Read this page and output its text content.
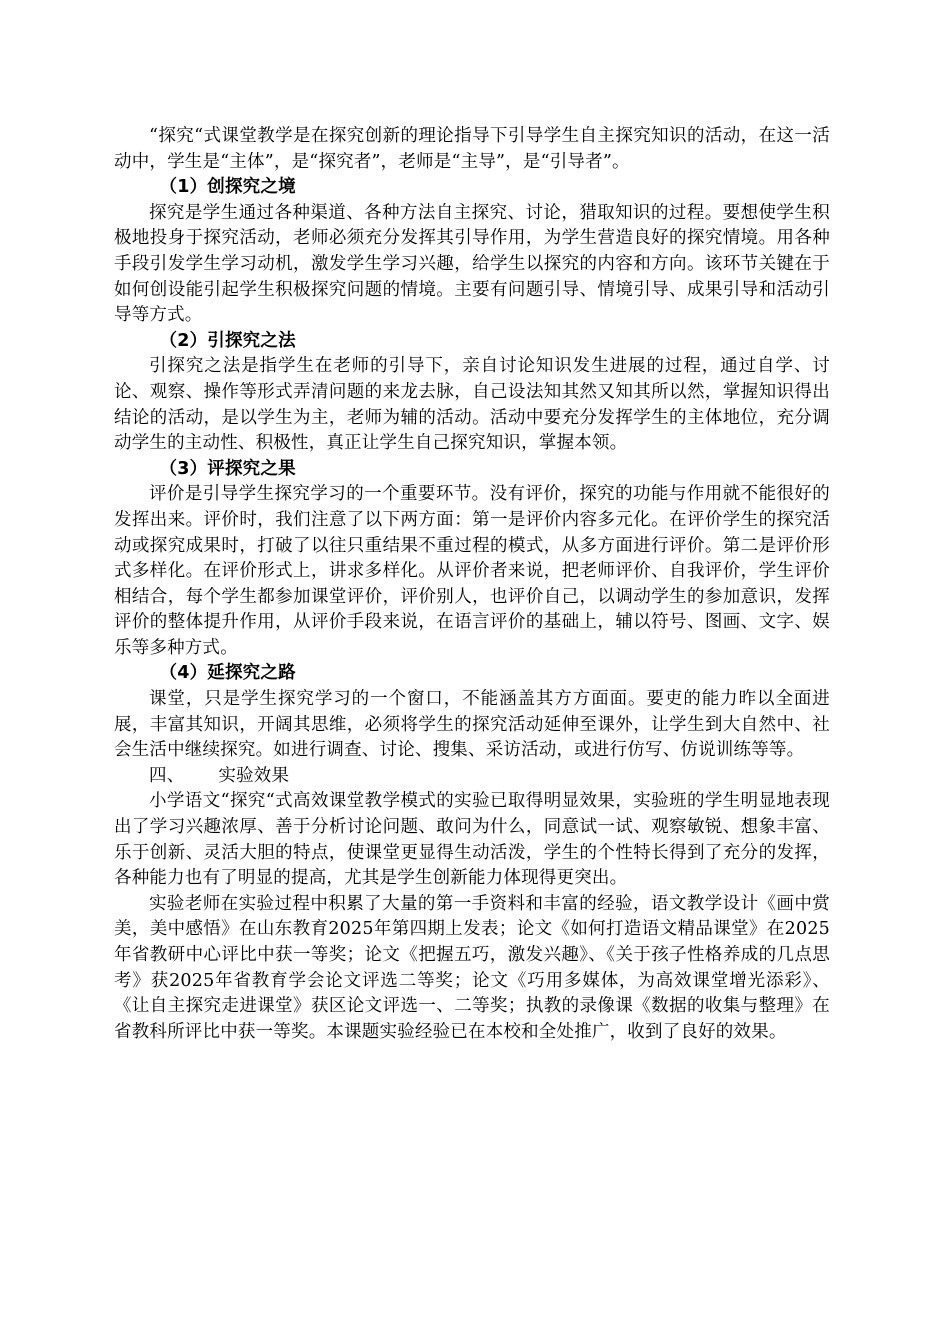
“探究“式课堂教学是在探究创新的理论指导下引导学生自主探究知识的活动，在这一活动中，学生是“主体”，是“探究者”，老师是“主导”，是“引导者”。

（1）创探究之境

探究是学生通过各种渠道、各种方法自主探究、讨论，猎取知识的过程。要想使学生积极地投身于探究活动，老师必须充分发挥其引导作用，为学生营造良好的探究情境。用各种手段引发学生学习动机，激发学生学习兴趣，给学生以探究的内容和方向。该环节关键在于如何创设能引起学生积极探究问题的情境。主要有问题引导、情境引导、成果引导和活动引导等方式。

（2）引探究之法

引探究之法是指学生在老师的引导下，亲自讨论知识发生进展的过程，通过自学、讨论、观察、操作等形式弄清问题的来龙去脉，自己设法知其然又知其所以然，掌握知识得出结论的活动，是以学生为主，老师为辅的活动。活动中要充分发挥学生的主体地位，充分调动学生的主动性、积极性，真正让学生自己探究知识，掌握本领。

（3）评探究之果

评价是引导学生探究学习的一个重要环节。没有评价，探究的功能与作用就不能很好的发挥出来。评价时，我们注意了以下两方面：第一是评价内容多元化。在评价学生的探究活动或探究成果时，打破了以往只重结果不重过程的模式，从多方面进行评价。第二是评价形式多样化。在评价形式上，讲求多样化。从评价者来说，把老师评价、自我评价，学生评价相结合，每个学生都参加课堂评价，评价别人，也评价自己，以调动学生的参加意识，发挥评价的整体提升作用，从评价手段来说，在语言评价的基础上，辅以符号、图画、文字、娱乐等多种方式。

（4）延探究之路

课堂，只是学生探究学习的一个窗口，不能涵盖其方方面面。要吏的能力昨以全面进展，丰富其知识，开阔其思维，必须将学生的探究活动延伸至课外，让学生到大自然中、社会生活中继续探究。如进行调查、讨论、搜集、采访活动，或进行仿写、仿说训练等等。

四、 实验效果

小学语文“探究“式高效课堂教学模式的实验已取得明显效果，实验班的学生明显地表现出了学习兴趣浓厚、善于分析讨论问题、敢问为什么，同意试一试、观察敏锐、想象丰富、乐于创新、灵活大胆的特点，使课堂更显得生动活泼，学生的个性特长得到了充分的发挥，各种能力也有了明显的提高，尤其是学生创新能力体现得更突出。

实验老师在实验过程中积累了大量的第一手资料和丰富的经验，语文教学设计《画中赏美，美中感悟》在山东教育2025年第四期上发表；论文《如何打造语文精品课堂》在2025年省教研中心评比中获一等奖；论文《把握五巧，激发兴趣》、《关于孩子性格养成的几点思考》获2025年省教育学会论文评选二等奖；论文《巧用多媒体，为高效课堂增光添彩》、《让自主探究走进课堂》获区论文评选一、二等奖；执教的录像课《数据的收集与整理》在省教科所评比中获一等奖。本课题实验经验已在本校和全处推广，收到了良好的效果。
